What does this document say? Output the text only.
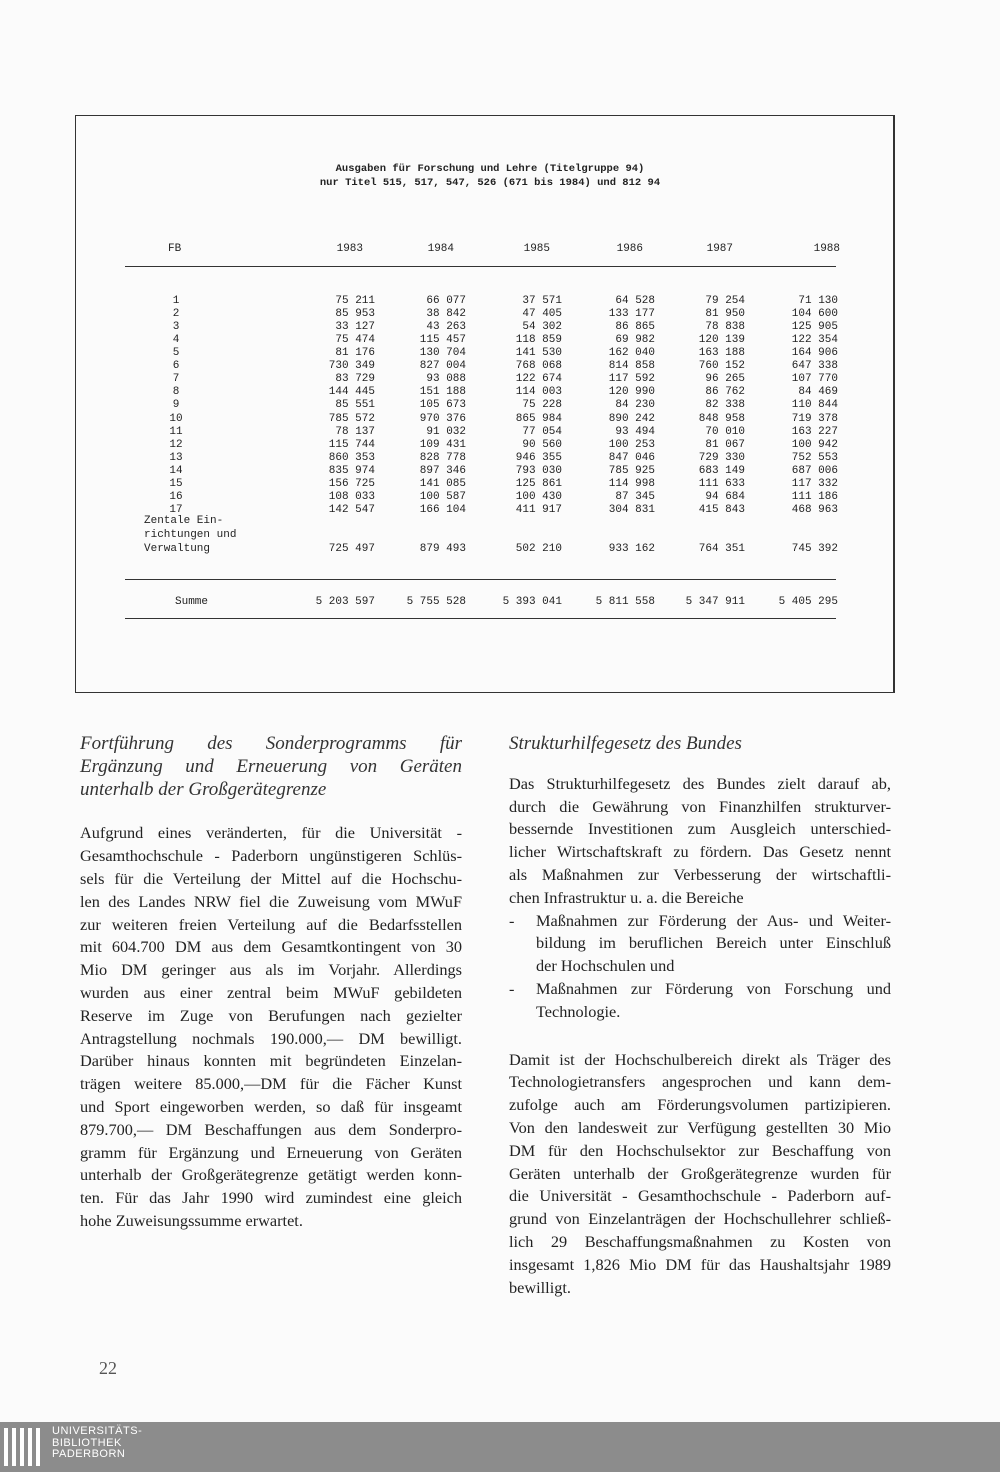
Ausgaben für Forschung und Lehre (Titelgruppe 94)
nur Titel 515, 517, 547, 526 (671 bis 1984) und 812 94
FB	1983	1984	1985	1986	1987	1988
1	75 211	66 077	37 571	64 528	79 254	71 130
2	85 953	38 842	47 405	133 177	81 950	104 600
3	33 127	43 263	54 302	86 865	78 838	125 905
4	75 474	115 457	118 859	69 982	120 139	122 354
5	81 176	130 704	141 530	162 040	163 188	164 906
6	730 349	827 004	768 068	814 858	760 152	647 338
7	83 729	93 088	122 674	117 592	96 265	107 770
8	144 445	151 188	114 003	120 990	86 762	84 469
9	85 551	105 673	75 228	84 230	82 338	110 844
10	785 572	970 376	865 984	890 242	848 958	719 378
11	78 137	91 032	77 054	93 494	70 010	163 227
12	115 744	109 431	90 560	100 253	81 067	100 942
13	860 353	828 778	946 355	847 046	729 330	752 553
14	835 974	897 346	793 030	785 925	683 149	687 006
15	156 725	141 085	125 861	114 998	111 633	117 332
16	108 033	100 587	100 430	87 345	94 684	111 186
17	142 547	166 104	411 917	304 831	415 843	468 963
Zentale Ein-
richtungen und
Verwaltung	725 497	879 493	502 210	933 162	764 351	745 392
Summe	5 203 597	5 755 528	5 393 041	5 811 558	5 347 911	5 405 295
Fortführung des Sonderprogramms für
Ergänzung und Erneuerung von Geräten
unterhalb der Großgerätegrenze
Aufgrund eines veränderten, für die Universität -
Gesamthochschule - Paderborn ungünstigeren Schlüs-
sels für die Verteilung der Mittel auf die Hochschu-
len des Landes NRW fiel die Zuweisung vom MWuF
zur weiteren freien Verteilung auf die Bedarfsstellen
mit 604.700 DM aus dem Gesamtkontingent von 30
Mio DM geringer aus als im Vorjahr. Allerdings
wurden aus einer zentral beim MWuF gebildeten
Reserve im Zuge von Berufungen nach gezielter
Antragstellung nochmals 190.000,— DM bewilligt.
Darüber hinaus konnten mit begründeten Einzelan-
trägen weitere 85.000,—DM für die Fächer Kunst
und Sport eingeworben werden, so daß für insgeamt
879.700,— DM Beschaffungen aus dem Sonderpro-
gramm für Ergänzung und Erneuerung von Geräten
unterhalb der Großgerätegrenze getätigt werden konn-
ten. Für das Jahr 1990 wird zumindest eine gleich
hohe Zuweisungssumme erwartet.
Strukturhilfegesetz des Bundes
Das Strukturhilfegesetz des Bundes zielt darauf ab,
durch die Gewährung von Finanzhilfen strukturver-
bessernde Investitionen zum Ausgleich unterschied-
licher Wirtschaftskraft zu fördern. Das Gesetz nennt
als Maßnahmen zur Verbesserung der wirtschaftli-
chen Infrastruktur u. a. die Bereiche
- Maßnahmen zur Förderung der Aus- und Weiter-
bildung im beruflichen Bereich unter Einschluß
der Hochschulen und
- Maßnahmen zur Förderung von Forschung und
Technologie.
Damit ist der Hochschulbereich direkt als Träger des
Technologietransfers angesprochen und kann dem-
zufolge auch am Förderungsvolumen partizipieren.
Von den landesweit zur Verfügung gestellten 30 Mio
DM für den Hochschulsektor zur Beschaffung von
Geräten unterhalb der Großgerätegrenze wurden für
die Universität - Gesamthochschule - Paderborn auf-
grund von Einzelanträgen der Hochschullehrer schließ-
lich 29 Beschaffungsmaßnahmen zu Kosten von
insgesamt 1,826 Mio DM für das Haushaltsjahr 1989
bewilligt.
22
UNIVERSITÄTS-
BIBLIOTHEK
PADERBORN
